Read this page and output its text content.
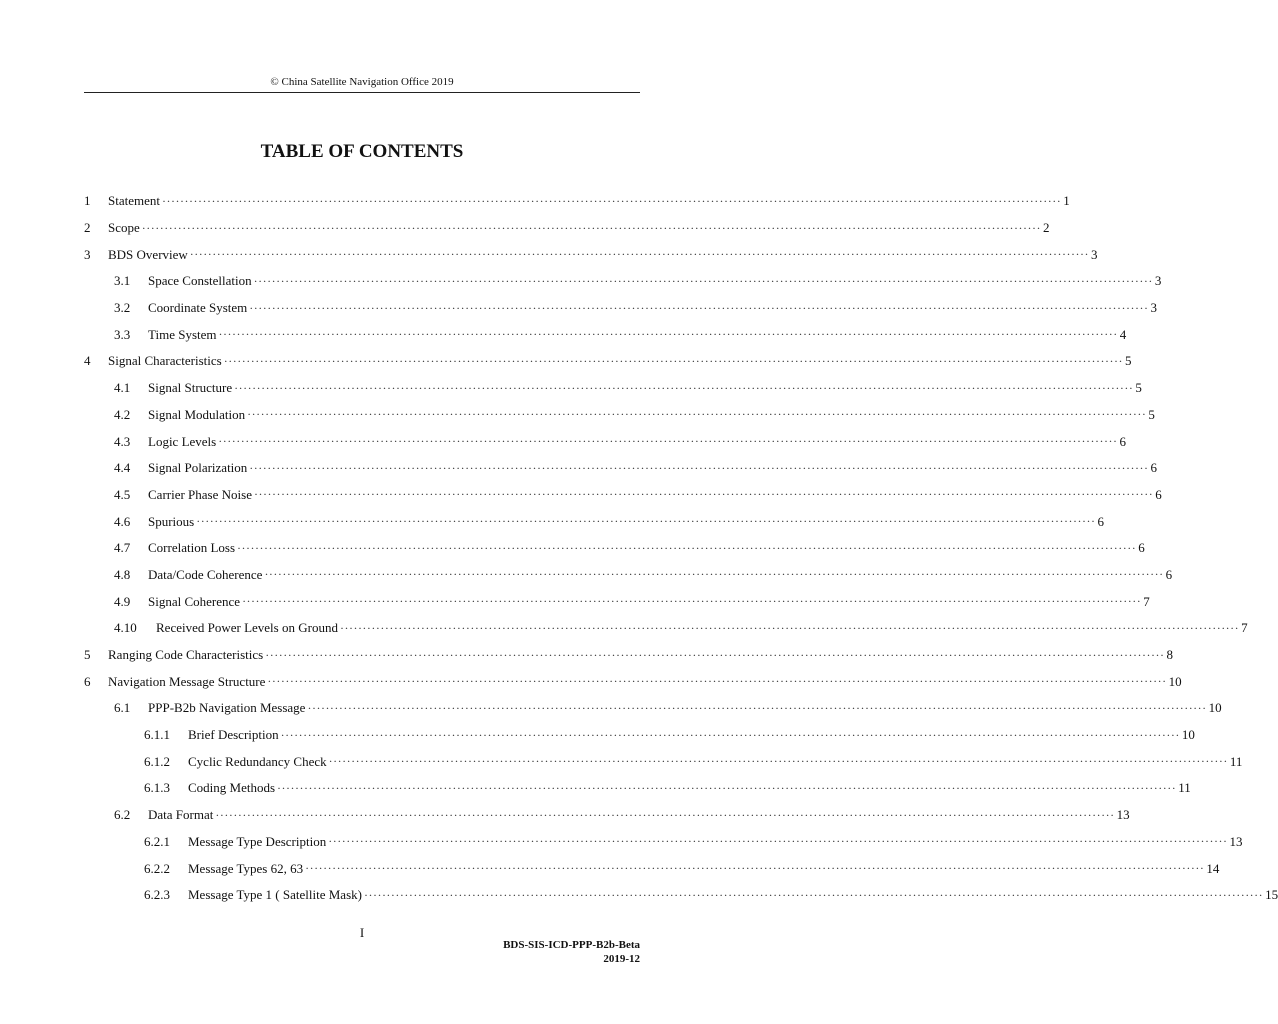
© China Satellite Navigation Office 2019
TABLE OF CONTENTS
1	Statement ········································································································································································································ 1
2	Scope ········································································································································································································ 2
3	BDS Overview ········································································································································································································ 3
3.1	Space Constellation ········································································································································································································ 3
3.2	Coordinate System ········································································································································································································ 3
3.3	Time System ········································································································································································································ 4
4	Signal Characteristics ········································································································································································································ 5
4.1	Signal Structure ········································································································································································································ 5
4.2	Signal Modulation ········································································································································································································ 5
4.3	Logic Levels ········································································································································································································ 6
4.4	Signal Polarization ········································································································································································································ 6
4.5	Carrier Phase Noise ········································································································································································································ 6
4.6	Spurious ········································································································································································································ 6
4.7	Correlation Loss ········································································································································································································ 6
4.8	Data/Code Coherence ········································································································································································································ 6
4.9	Signal Coherence ········································································································································································································ 7
4.10	Received Power Levels on Ground ········································································································································································································ 7
5	Ranging Code Characteristics ········································································································································································································ 8
6	Navigation Message Structure ········································································································································································································ 10
6.1	PPP-B2b Navigation Message ········································································································································································································ 10
6.1.1	Brief Description ········································································································································································································ 10
6.1.2	Cyclic Redundancy Check ········································································································································································································ 11
6.1.3	Coding Methods ········································································································································································································ 11
6.2	Data Format ········································································································································································································ 13
6.2.1	Message Type Description ········································································································································································································ 13
6.2.2	Message Types 62, 63 ········································································································································································································ 14
6.2.3	Message Type 1 ( Satellite Mask) ········································································································································································································ 15
I
BDS-SIS-ICD-PPP-B2b-Beta
2019-12
